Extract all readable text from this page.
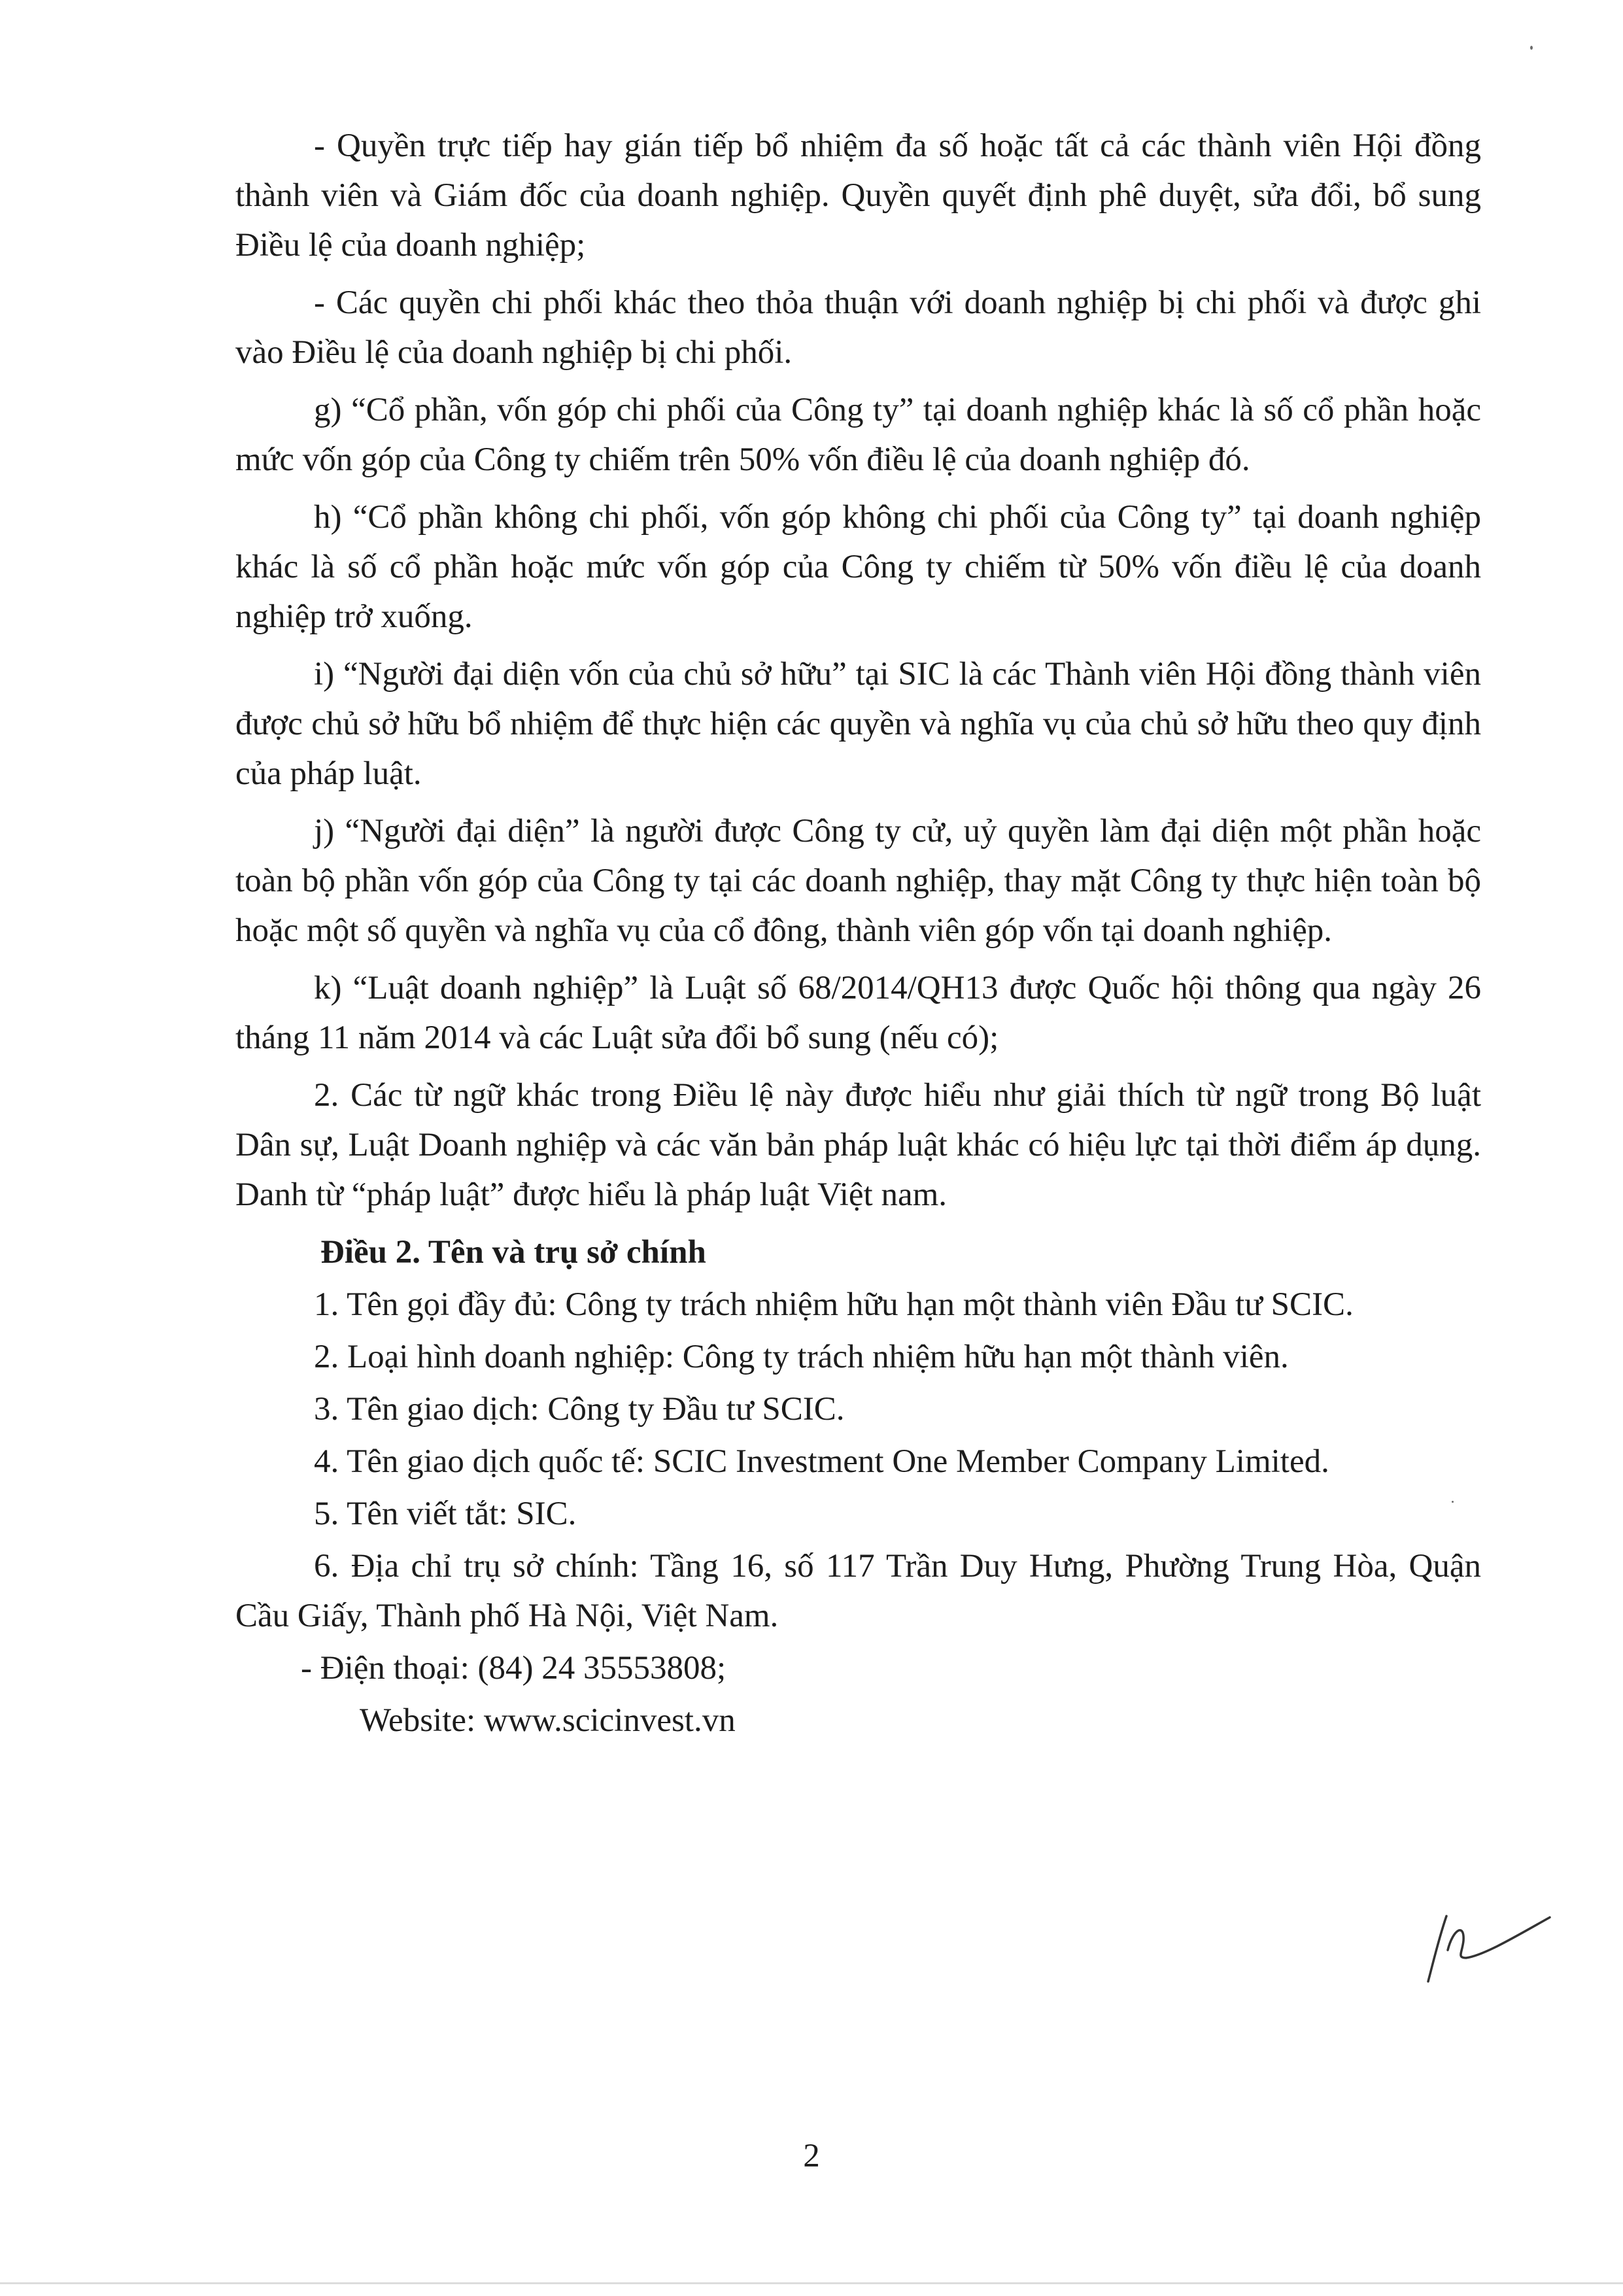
- Quyền trực tiếp hay gián tiếp bổ nhiệm đa số hoặc tất cả các thành viên Hội đồng thành viên và Giám đốc của doanh nghiệp. Quyền quyết định phê duyệt, sửa đổi, bổ sung Điều lệ của doanh nghiệp;

- Các quyền chi phối khác theo thỏa thuận với doanh nghiệp bị chi phối và được ghi vào Điều lệ của doanh nghiệp bị chi phối.

g) “Cổ phần, vốn góp chi phối của Công ty” tại doanh nghiệp khác là số cổ phần hoặc mức vốn góp của Công ty chiếm trên 50% vốn điều lệ của doanh nghiệp đó.

h) “Cổ phần không chi phối, vốn góp không chi phối của Công ty” tại doanh nghiệp khác là số cổ phần hoặc mức vốn góp của Công ty chiếm từ 50% vốn điều lệ của doanh nghiệp trở xuống.

i) “Người đại diện vốn của chủ sở hữu” tại SIC là các Thành viên Hội đồng thành viên được chủ sở hữu bổ nhiệm để thực hiện các quyền và nghĩa vụ của chủ sở hữu theo quy định của pháp luật.

j) “Người đại diện” là người được Công ty cử, uỷ quyền làm đại diện một phần hoặc toàn bộ phần vốn góp của Công ty tại các doanh nghiệp, thay mặt Công ty thực hiện toàn bộ hoặc một số quyền và nghĩa vụ của cổ đông, thành viên góp vốn tại doanh nghiệp.

k) “Luật doanh nghiệp” là Luật số 68/2014/QH13 được Quốc hội thông qua ngày 26 tháng 11 năm 2014 và các Luật sửa đổi bổ sung (nếu có);

2. Các từ ngữ khác trong Điều lệ này được hiểu như giải thích từ ngữ trong Bộ luật Dân sự, Luật Doanh nghiệp và các văn bản pháp luật khác có hiệu lực tại thời điểm áp dụng. Danh từ “pháp luật” được hiểu là pháp luật Việt nam.

Điều 2. Tên và trụ sở chính

1. Tên gọi đầy đủ: Công ty trách nhiệm hữu hạn một thành viên Đầu tư SCIC.

2. Loại hình doanh nghiệp: Công ty trách nhiệm hữu hạn một thành viên.

3. Tên giao dịch: Công ty Đầu tư SCIC.

4. Tên giao dịch quốc tế: SCIC Investment One Member Company Limited.

5. Tên viết tắt: SIC.

6. Địa chỉ trụ sở chính: Tầng 16, số 117 Trần Duy Hưng, Phường Trung Hòa, Quận Cầu Giấy, Thành phố Hà Nội, Việt Nam.

- Điện thoại: (84) 24 35553808;

Website: www.scicinvest.vn

2
